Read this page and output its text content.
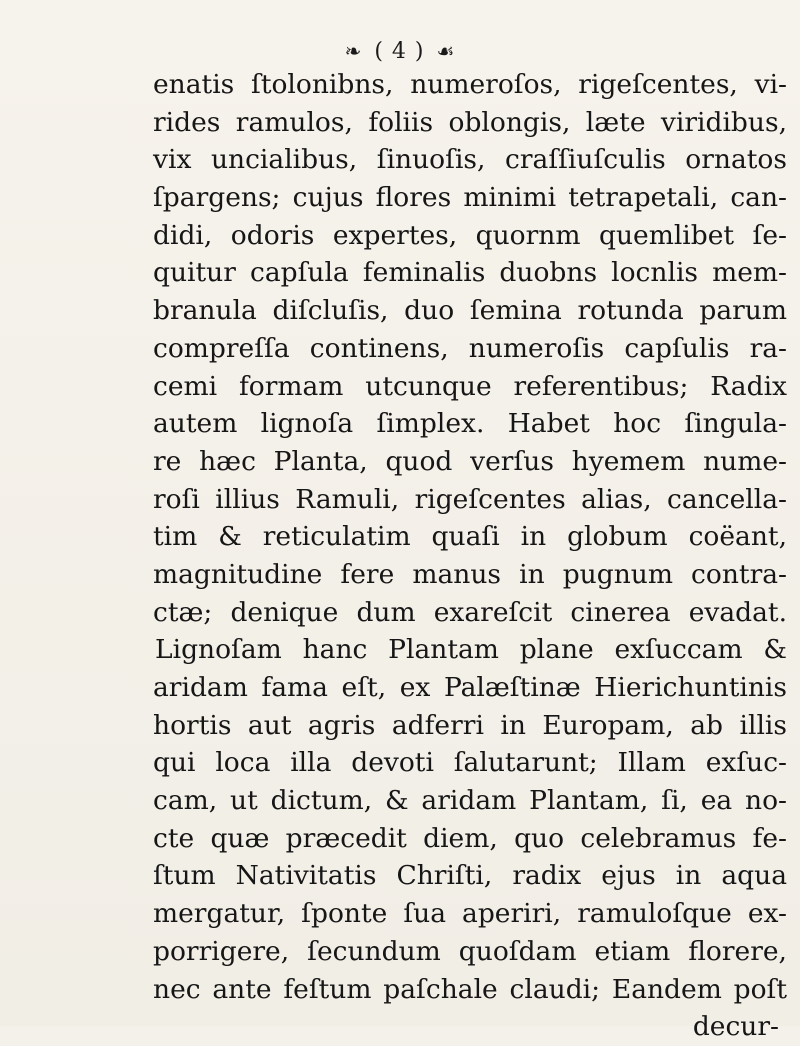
❧ ( 4 ) ☙
enatis ſtolonibns, numeroſos, rigeſcentes, vi-
rides ramulos, foliis oblongis, læte viridibus,
vix uncialibus, ſinuoſis, craſſiuſculis ornatos
ſpargens; cujus flores minimi tetrapetali, can-
didi, odoris expertes, quornm quemlibet ſe-
quitur capſula feminalis duobns locnlis mem-
branula diſcluſis, duo ſemina rotunda parum
compreſſa continens, numeroſis capſulis ra-
cemi formam utcunque referentibus; Radix
autem lignoſa ſimplex. Habet hoc ſingula-
re hæc Planta, quod verſus hyemem nume-
roſi illius Ramuli, rigeſcentes alias, cancella-
tim & reticulatim quaſi in globum coëant,
magnitudine fere manus in pugnum contra-
ctæ; denique dum exareſcit cinerea evadat.
Lignoſam hanc Plantam plane exſuccam &
aridam fama eſt, ex Palæſtinæ Hierichuntinis
hortis aut agris adferri in Europam, ab illis
qui loca illa devoti ſalutarunt; Illam exſuc-
cam, ut dictum, & aridam Plantam, ſi, ea no-
cte quæ præcedit diem, quo celebramus fe-
ſtum Nativitatis Chriſti, radix ejus in aqua
mergatur, ſponte ſua aperiri, ramuloſque ex-
porrigere, ſecundum quoſdam etiam florere,
nec ante feſtum paſchale claudi; Eandem poſt
decur-
